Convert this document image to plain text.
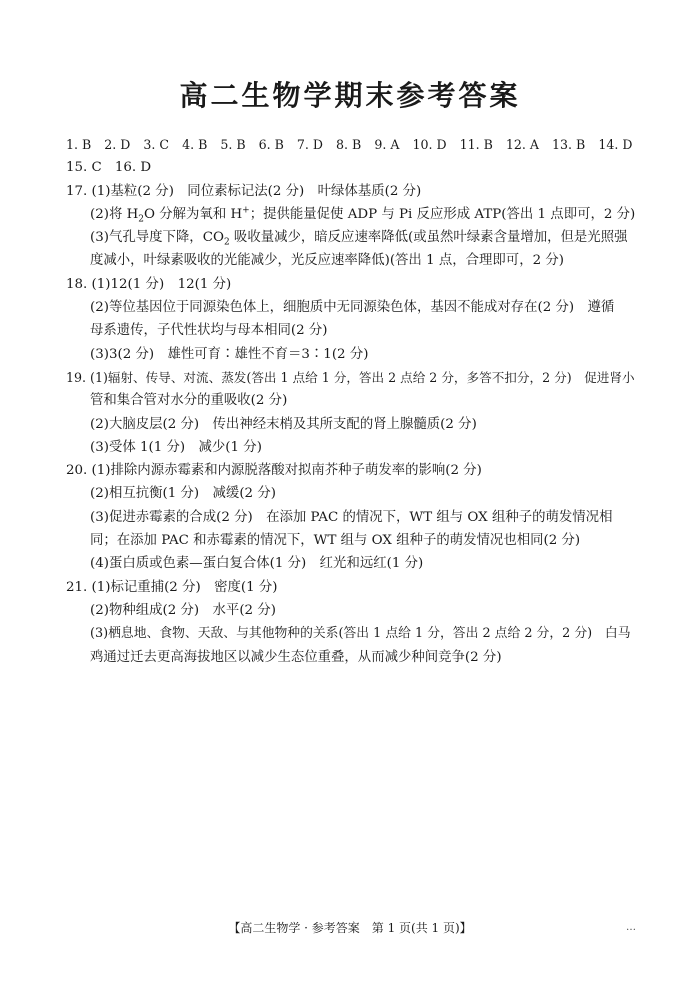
高二生物学期末参考答案
1. B 2. D 3. C 4. B 5. B 6. B 7. D 8. B 9. A 10. D 11. B 12. A 13. B 14. D
15. C 16. D
17. (1)基粒(2 分)　同位素标记法(2 分)　叶绿体基质(2 分)
(2)将 $H_2O$ 分解为氧和 H+；提供能量促使 ADP 与 Pi 反应形成 ATP(答出 1 点即可，2 分)
(3)气孔导度下降，$CO_2$ 吸收量减少，暗反应速率降低(或虽然叶绿素含量增加，但是光照强
度减小，叶绿素吸收的光能减少，光反应速率降低)(答出 1 点，合理即可，2 分)
18. (1)12(1 分)　12(1 分)
(2)等位基因位于同源染色体上，细胞质中无同源染色体，基因不能成对存在(2 分)　遵循
母系遗传，子代性状均与母本相同(2 分)
(3)3(2 分)　雄性可育∶雄性不育＝3∶1(2 分)
19. (1)辐射、传导、对流、蒸发(答出 1 点给 1 分，答出 2 点给 2 分，多答不扣分，2 分)　促进肾小
管和集合管对水分的重吸收(2 分)
(2)大脑皮层(2 分)　传出神经末梢及其所支配的肾上腺髓质(2 分)
(3)受体 1(1 分)　减少(1 分)
20. (1)排除内源赤霉素和内源脱落酸对拟南芥种子萌发率的影响(2 分)
(2)相互抗衡(1 分)　减缓(2 分)
(3)促进赤霉素的合成(2 分)　在添加 PAC 的情况下，WT 组与 OX 组种子的萌发情况相
同；在添加 PAC 和赤霉素的情况下，WT 组与 OX 组种子的萌发情况也相同(2 分)
(4)蛋白质或色素—蛋白复合体(1 分)　红光和远红(1 分)
21. (1)标记重捕(2 分)　密度(1 分)
(2)物种组成(2 分)　水平(2 分)
(3)栖息地、食物、天敌、与其他物种的关系(答出 1 点给 1 分，答出 2 点给 2 分，2 分)　白马
鸡通过迁去更高海拔地区以减少生态位重叠，从而减少种间竞争(2 分)
【高二生物学 · 参考答案　第 1 页(共 1 页)】	…
